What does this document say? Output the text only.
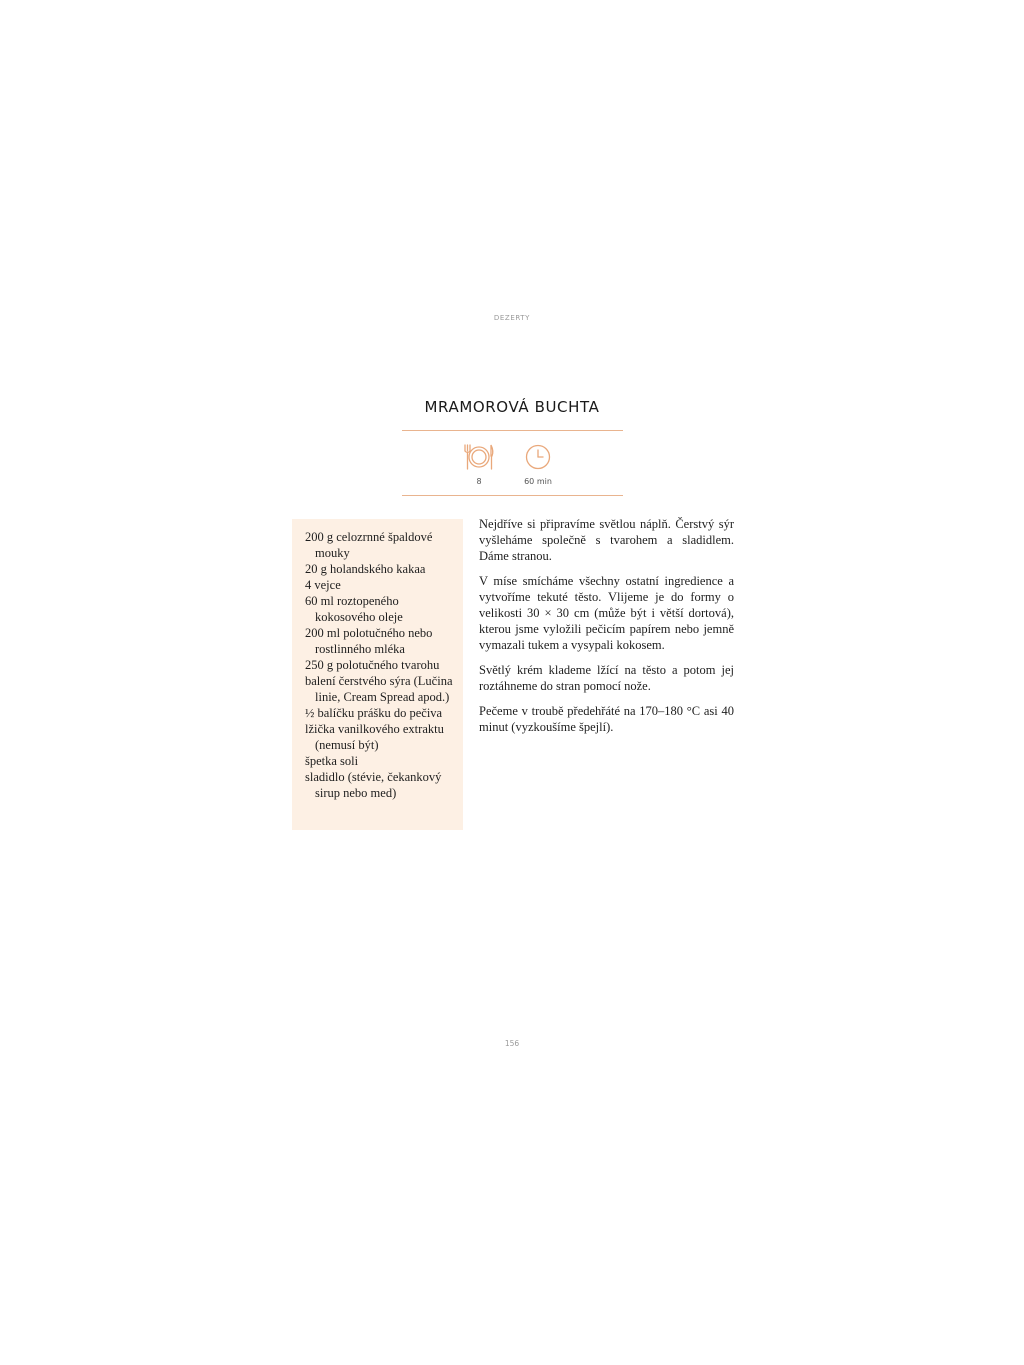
DEZERTY
MRAMOROVÁ BUCHTA
8	60 min
200 g celozrnné špaldové mouky
20 g holandského kakaa
4 vejce
60 ml roztopeného kokosového oleje
200 ml polotučného nebo rostlinného mléka
250 g polotučného tvarohu
balení čerstvého sýra (Lučina linie, Cream Spread apod.)
½ balíčku prášku do pečiva
lžička vanilkového extraktu (nemusí být)
špetka soli
sladidlo (stévie, čekankový sirup nebo med)

Nejdříve si připravíme světlou náplň. Čerstvý sýr vyšleháme společně s tvarohem a sladidlem. Dáme stranou.

V míse smícháme všechny ostatní ingredience a vytvoříme tekuté těsto. Vlijeme je do formy o velikosti 30 × 30 cm (může být i větší dortová), kterou jsme vyložili pečicím papírem nebo jemně vymazali tukem a vysypali kokosem.

Světlý krém klademe lžící na těsto a potom jej roztáhneme do stran pomocí nože.

Pečeme v troubě předehřáté na 170–180 °C asi 40 minut (vyzkoušíme špejlí).

156
